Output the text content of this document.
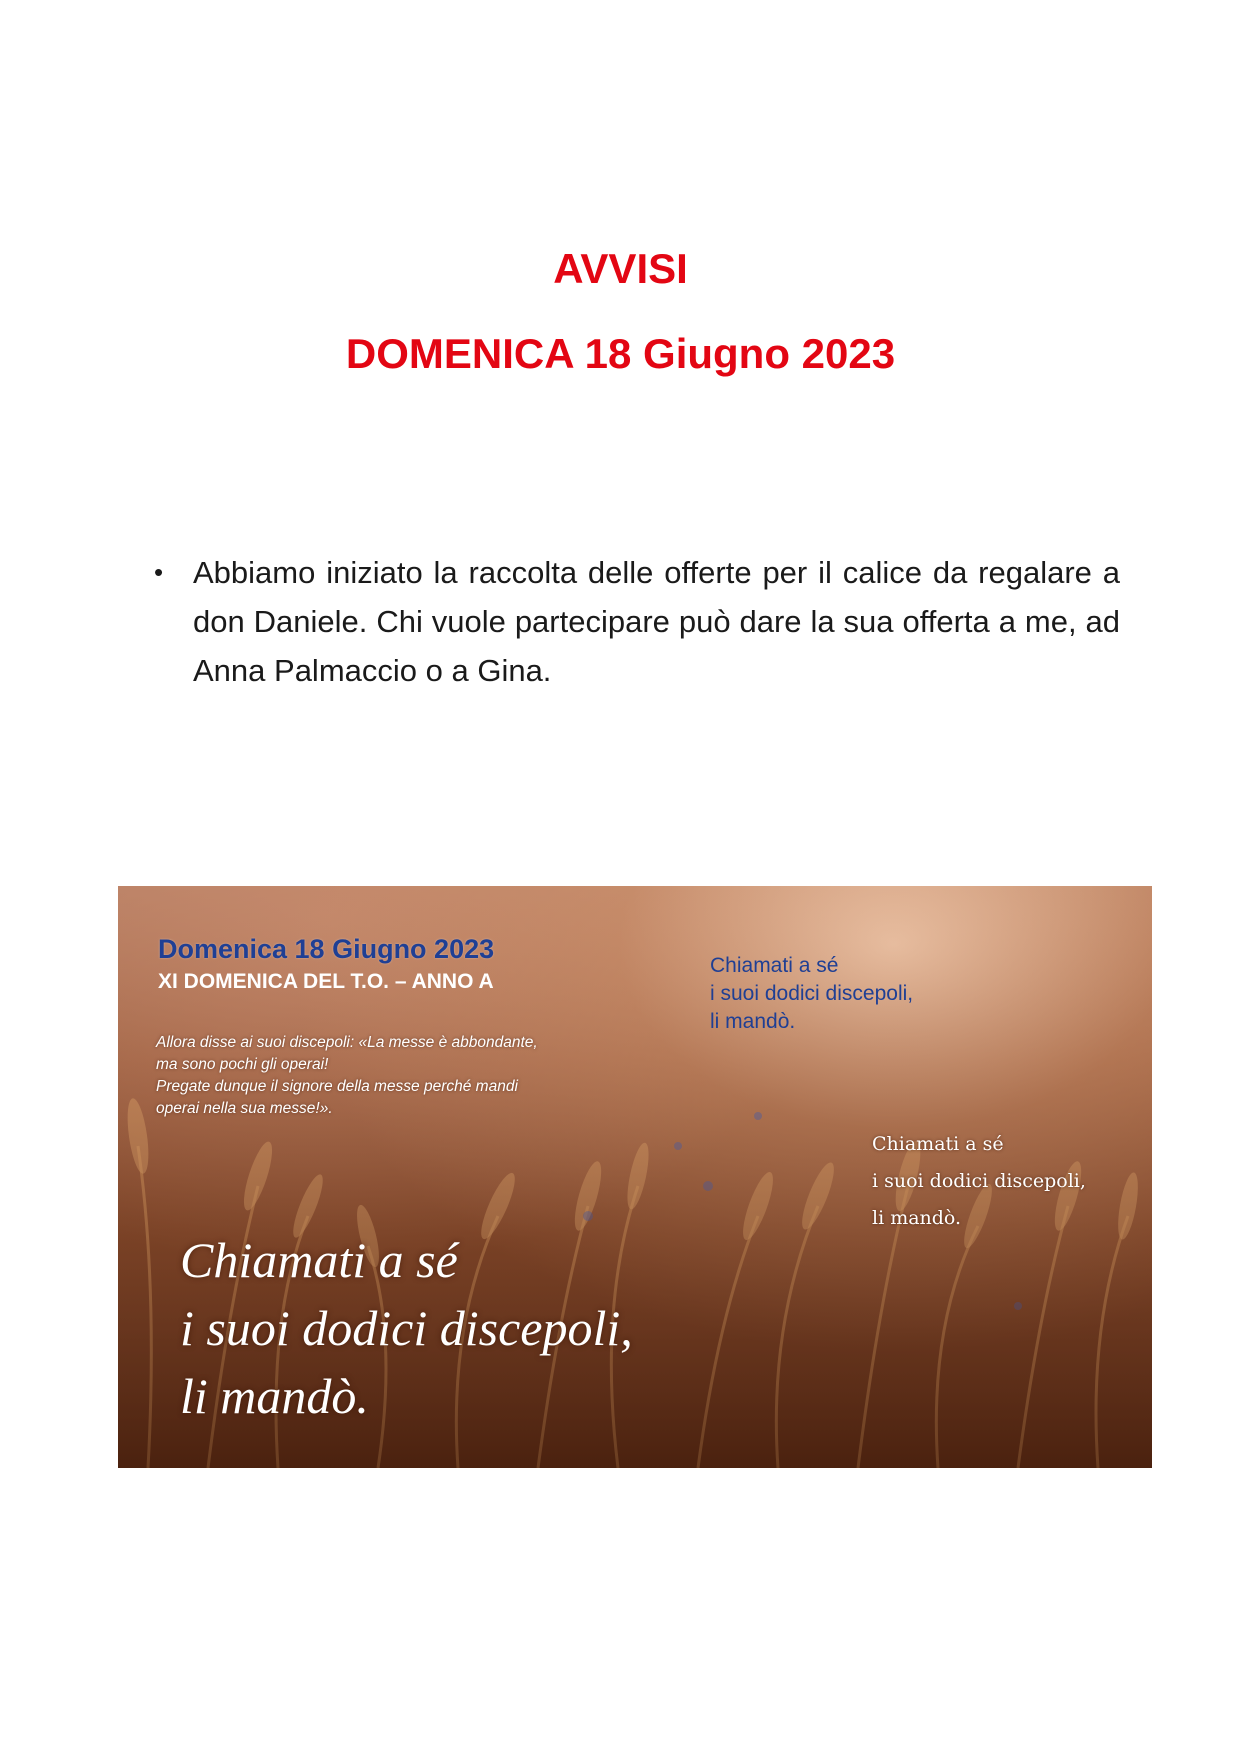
AVVISI
DOMENICA 18 Giugno 2023
• Abbiamo iniziato la raccolta delle offerte per il calice da regalare a don Daniele. Chi vuole partecipare può dare la sua offerta a me, ad Anna Palmaccio o a Gina.

Domenica 18 Giugno 2023

XI DOMENICA DEL T.O. – ANNO A

Allora disse ai suoi discepoli: «La messe è abbondante,
ma sono pochi gli operai!
Pregate dunque il signore della messe perché mandi
operai nella sua messe!».
Chiamati a sé
i suoi dodici discepoli,
li mandò.
Chiamati a sé
i suoi dodici discepoli,
li mandò.
Chiamati a sé
i suoi dodici discepoli,
li mandò.
